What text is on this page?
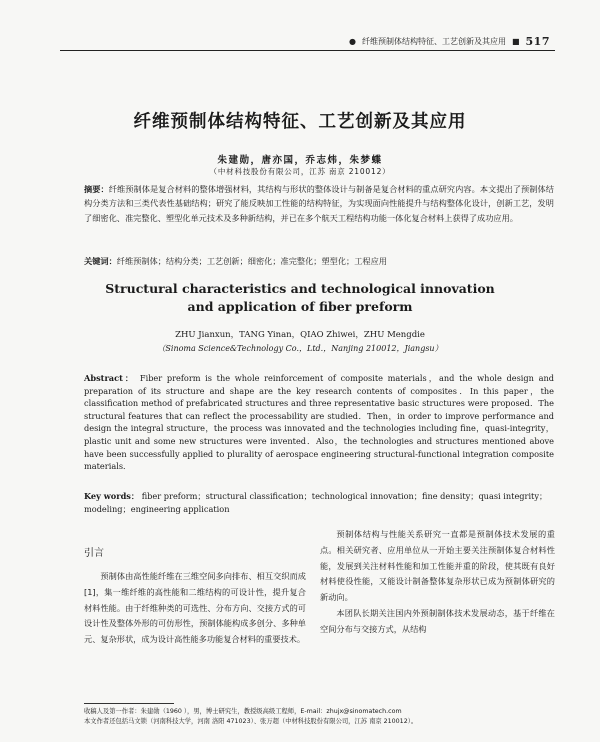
● 纤维预制体结构特征、工艺创新及其应用 ■ 517
纤维预制体结构特征、工艺创新及其应用
朱建勋，唐亦国，乔志炜，朱梦蝶
（中材科技股份有限公司，江苏 南京 210012）
摘要：纤维预制体是复合材料的整体增强材料，其结构与形状的整体设计与制备是复合材料的重点研究内容。本文提出了预制体结构分类方法和三类代表性基础结构；研究了能反映加工性能的结构特征，为实现面向性能提升与结构整体化设计，创新工艺，发明了细密化、准完整化、塑型化单元技术及多种新结构，并已在多个航天工程结构功能一体化复合材料上获得了成功应用。
关键词：纤维预制体；结构分类；工艺创新；细密化；准完整化；塑型化；工程应用
Structural characteristics and technological innovation
and application of fiber preform
ZHU Jianxun，TANG Yinan，QIAO Zhiwei，ZHU Mengdie
（Sinoma Science&Technology Co.，Ltd.，Nanjing 210012，Jiangsu）
Abstract： Fiber preform is the whole reinforcement of composite materials，and the whole design and preparation of its structure and shape are the key research contents of composites．In this paper，the classification method of prefabricated structures and three representative basic structures were proposed．The structural features that can reflect the processability are studied．Then，in order to improve performance and design the integral structure，the process was innovated and the technologies including fine，quasi-integrity，plastic unit and some new structures were invented．Also，the technologies and structures mentioned above have been successfully applied to plurality of aerospace engineering structural-functional integration composite materials．
Key words： fiber preform；structural classification；technological innovation；fine density；quasi integrity；modeling；engineering application
引言

预制体由高性能纤维在三维空间多向排布、相互交织而成[1]，集一维纤维的高性能和二维结构的可设计性，提升复合材料性能。由于纤维种类的可选性、分布方向、交接方式的可设计性及整体外形的可仿形性，预制体能构成多创分、多种单元、复杂形状，成为设计高性能多功能复合材料的重要技术。

预制体结构与性能关系研究一直都是预制体技术发展的重点。相关研究者、应用单位从一开始主要关注预制体复合材料性能，发展到关注材料性能和加工性能并重的阶段，使其既有良好材料使役性能，又能设计制备整体复杂形状已成为预制体研究的新动向。

本团队长期关注国内外预制制体技术发展动态，基于纤维在空间分布与交接方式，从结构

收稿人及第一作者：朱建勋（1960 ），男，博士研究生，教授级高级工程师，E-mail：zhujx@sinomatech.com
本文作者还包括马文锁（河南科技大学，河南 洛阳 471023）、张万超（中材科技股份有限公司，江苏 南京 210012）。
